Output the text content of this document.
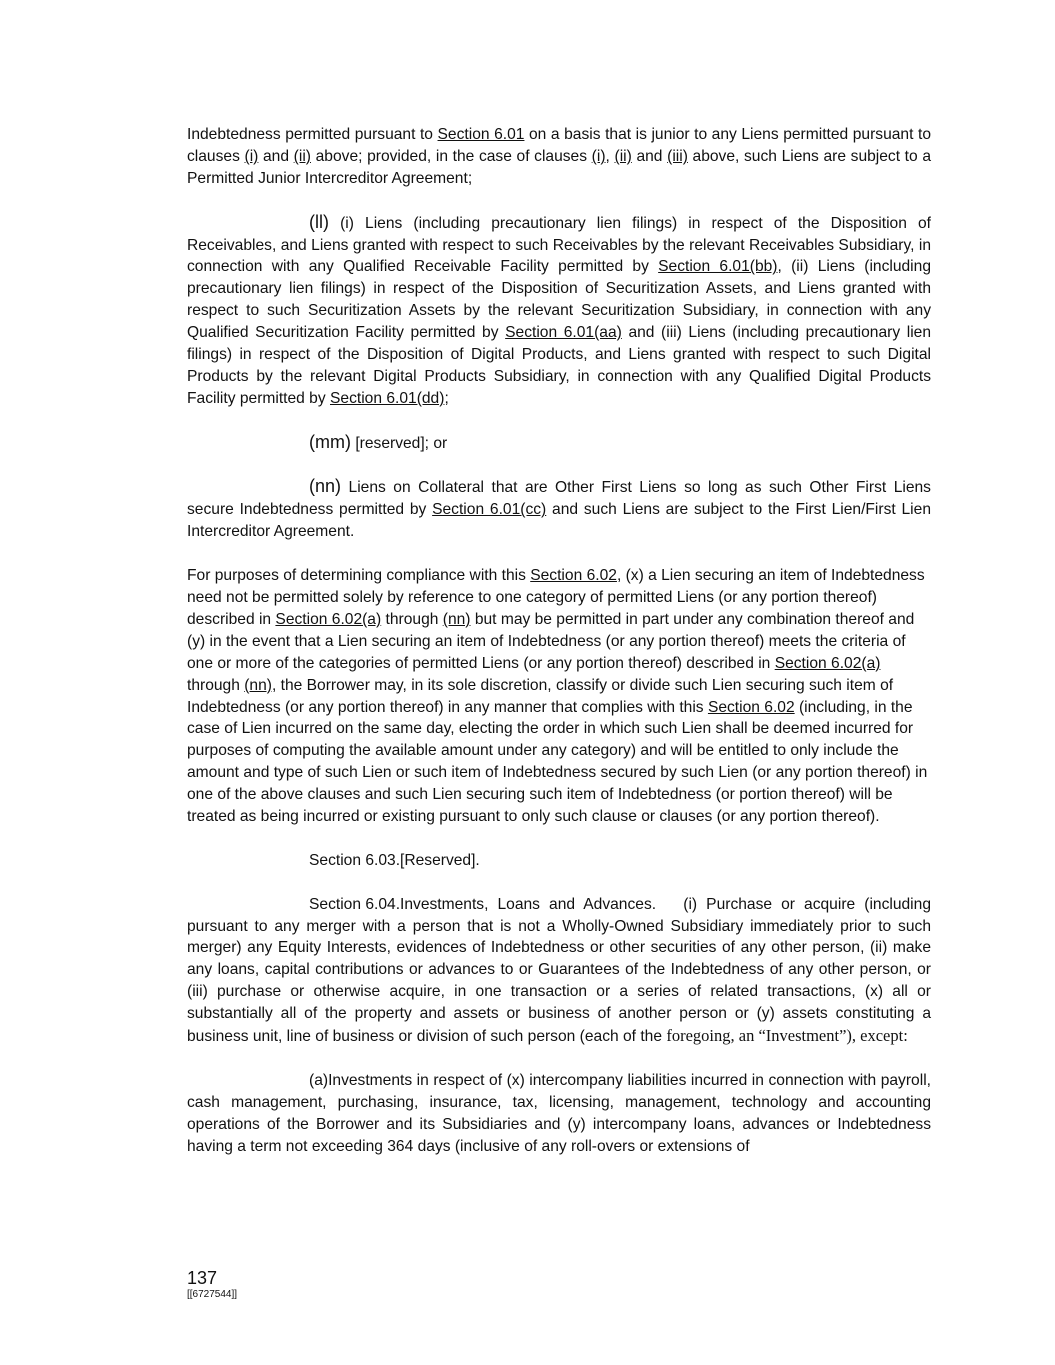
Indebtedness permitted pursuant to Section 6.01 on a basis that is junior to any Liens permitted pursuant to clauses (i) and (ii) above; provided, in the case of clauses (i), (ii) and (iii) above, such Liens are subject to a Permitted Junior Intercreditor Agreement;

(ll) (i) Liens (including precautionary lien filings) in respect of the Disposition of Receivables, and Liens granted with respect to such Receivables by the relevant Receivables Subsidiary, in connection with any Qualified Receivable Facility permitted by Section 6.01(bb), (ii) Liens (including precautionary lien filings) in respect of the Disposition of Securitization Assets, and Liens granted with respect to such Securitization Assets by the relevant Securitization Subsidiary, in connection with any Qualified Securitization Facility permitted by Section 6.01(aa) and (iii) Liens (including precautionary lien filings) in respect of the Disposition of Digital Products, and Liens granted with respect to such Digital Products by the relevant Digital Products Subsidiary, in connection with any Qualified Digital Products Facility permitted by Section 6.01(dd);

(mm) [reserved]; or

(nn) Liens on Collateral that are Other First Liens so long as such Other First Liens secure Indebtedness permitted by Section 6.01(cc) and such Liens are subject to the First Lien/First Lien Intercreditor Agreement.

For purposes of determining compliance with this Section 6.02, (x) a Lien securing an item of Indebtedness need not be permitted solely by reference to one category of permitted Liens (or any portion thereof) described in Section 6.02(a) through (nn) but may be permitted in part under any combination thereof and (y) in the event that a Lien securing an item of Indebtedness (or any portion thereof) meets the criteria of one or more of the categories of permitted Liens (or any portion thereof) described in Section 6.02(a) through (nn), the Borrower may, in its sole discretion, classify or divide such Lien securing such item of Indebtedness (or any portion thereof) in any manner that complies with this Section 6.02 (including, in the case of Lien incurred on the same day, electing the order in which such Lien shall be deemed incurred for purposes of computing the available amount under any category) and will be entitled to only include the amount and type of such Lien or such item of Indebtedness secured by such Lien (or any portion thereof) in one of the above clauses and such Lien securing such item of Indebtedness (or portion thereof) will be treated as being incurred or existing pursuant to only such clause or clauses (or any portion thereof).

Section 6.03.[Reserved].

Section 6.04.Investments, Loans and Advances. (i) Purchase or acquire (including pursuant to any merger with a person that is not a Wholly-Owned Subsidiary immediately prior to such merger) any Equity Interests, evidences of Indebtedness or other securities of any other person, (ii) make any loans, capital contributions or advances to or Guarantees of the Indebtedness of any other person, or (iii) purchase or otherwise acquire, in one transaction or a series of related transactions, (x) all or substantially all of the property and assets or business of another person or (y) assets constituting a business unit, line of business or division of such person (each of the foregoing, an “Investment”), except:

(a)Investments in respect of (x) intercompany liabilities incurred in connection with payroll, cash management, purchasing, insurance, tax, licensing, management, technology and accounting operations of the Borrower and its Subsidiaries and (y) intercompany loans, advances or Indebtedness having a term not exceeding 364 days (inclusive of any roll-overs or extensions of

137
[[6727544]]
